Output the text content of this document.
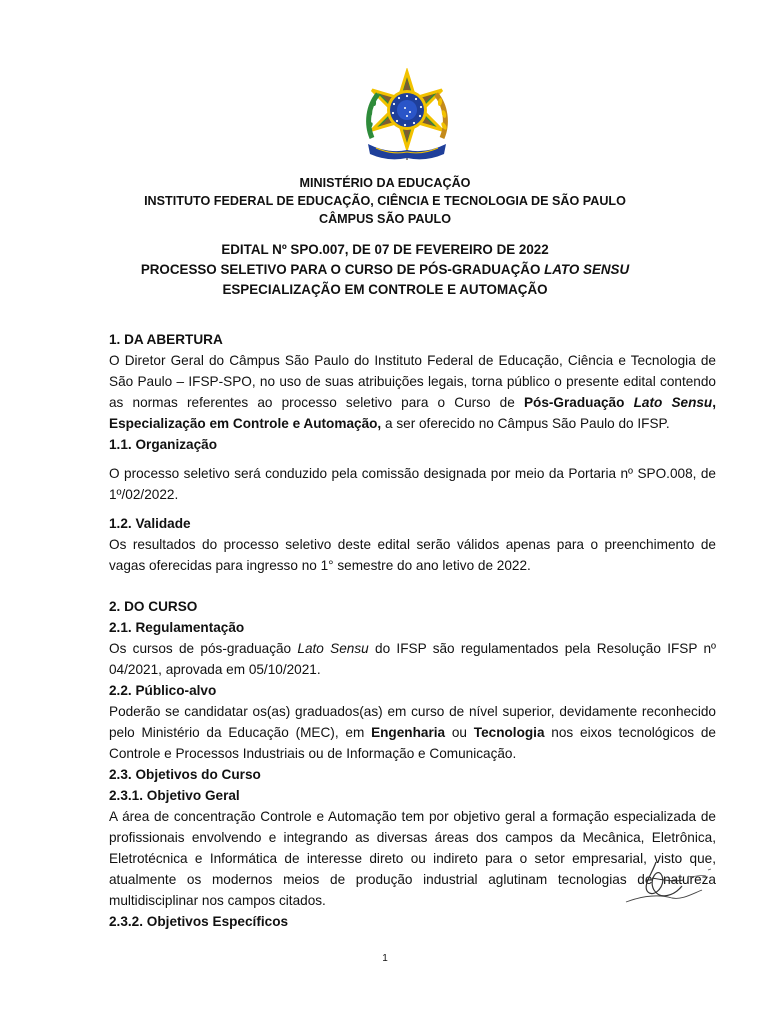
MINISTÉRIO DA EDUCAÇÃO
INSTITUTO FEDERAL DE EDUCAÇÃO, CIÊNCIA E TECNOLOGIA DE SÃO PAULO
CÂMPUS SÃO PAULO
EDITAL Nº SPO.007, DE 07 DE FEVEREIRO DE 2022
PROCESSO SELETIVO PARA O CURSO DE PÓS-GRADUAÇÃO LATO SENSU
ESPECIALIZAÇÃO EM CONTROLE E AUTOMAÇÃO
1. DA ABERTURA
O Diretor Geral do Câmpus São Paulo do Instituto Federal de Educação, Ciência e Tecnologia de São Paulo – IFSP-SPO, no uso de suas atribuições legais, torna público o presente edital contendo as normas referentes ao processo seletivo para o Curso de Pós-Graduação Lato Sensu, Especialização em Controle e Automação, a ser oferecido no Câmpus São Paulo do IFSP.
1.1. Organização
O processo seletivo será conduzido pela comissão designada por meio da Portaria nº SPO.008, de 1º/02/2022.
1.2. Validade
Os resultados do processo seletivo deste edital serão válidos apenas para o preenchimento de vagas oferecidas para ingresso no 1° semestre do ano letivo de 2022.
2. DO CURSO
2.1. Regulamentação
Os cursos de pós-graduação Lato Sensu do IFSP são regulamentados pela Resolução IFSP nº 04/2021, aprovada em 05/10/2021.
2.2. Público-alvo
Poderão se candidatar os(as) graduados(as) em curso de nível superior, devidamente reconhecido pelo Ministério da Educação (MEC), em Engenharia ou Tecnologia nos eixos tecnológicos de Controle e Processos Industriais ou de Informação e Comunicação.
2.3. Objetivos do Curso
2.3.1. Objetivo Geral
A área de concentração Controle e Automação tem por objetivo geral a formação especializada de profissionais envolvendo e integrando as diversas áreas dos campos da Mecânica, Eletrônica, Eletrotécnica e Informática de interesse direto ou indireto para o setor empresarial, visto que, atualmente os modernos meios de produção industrial aglutinam tecnologias de natureza multidisciplinar nos campos citados.
2.3.2. Objetivos Específicos
1
